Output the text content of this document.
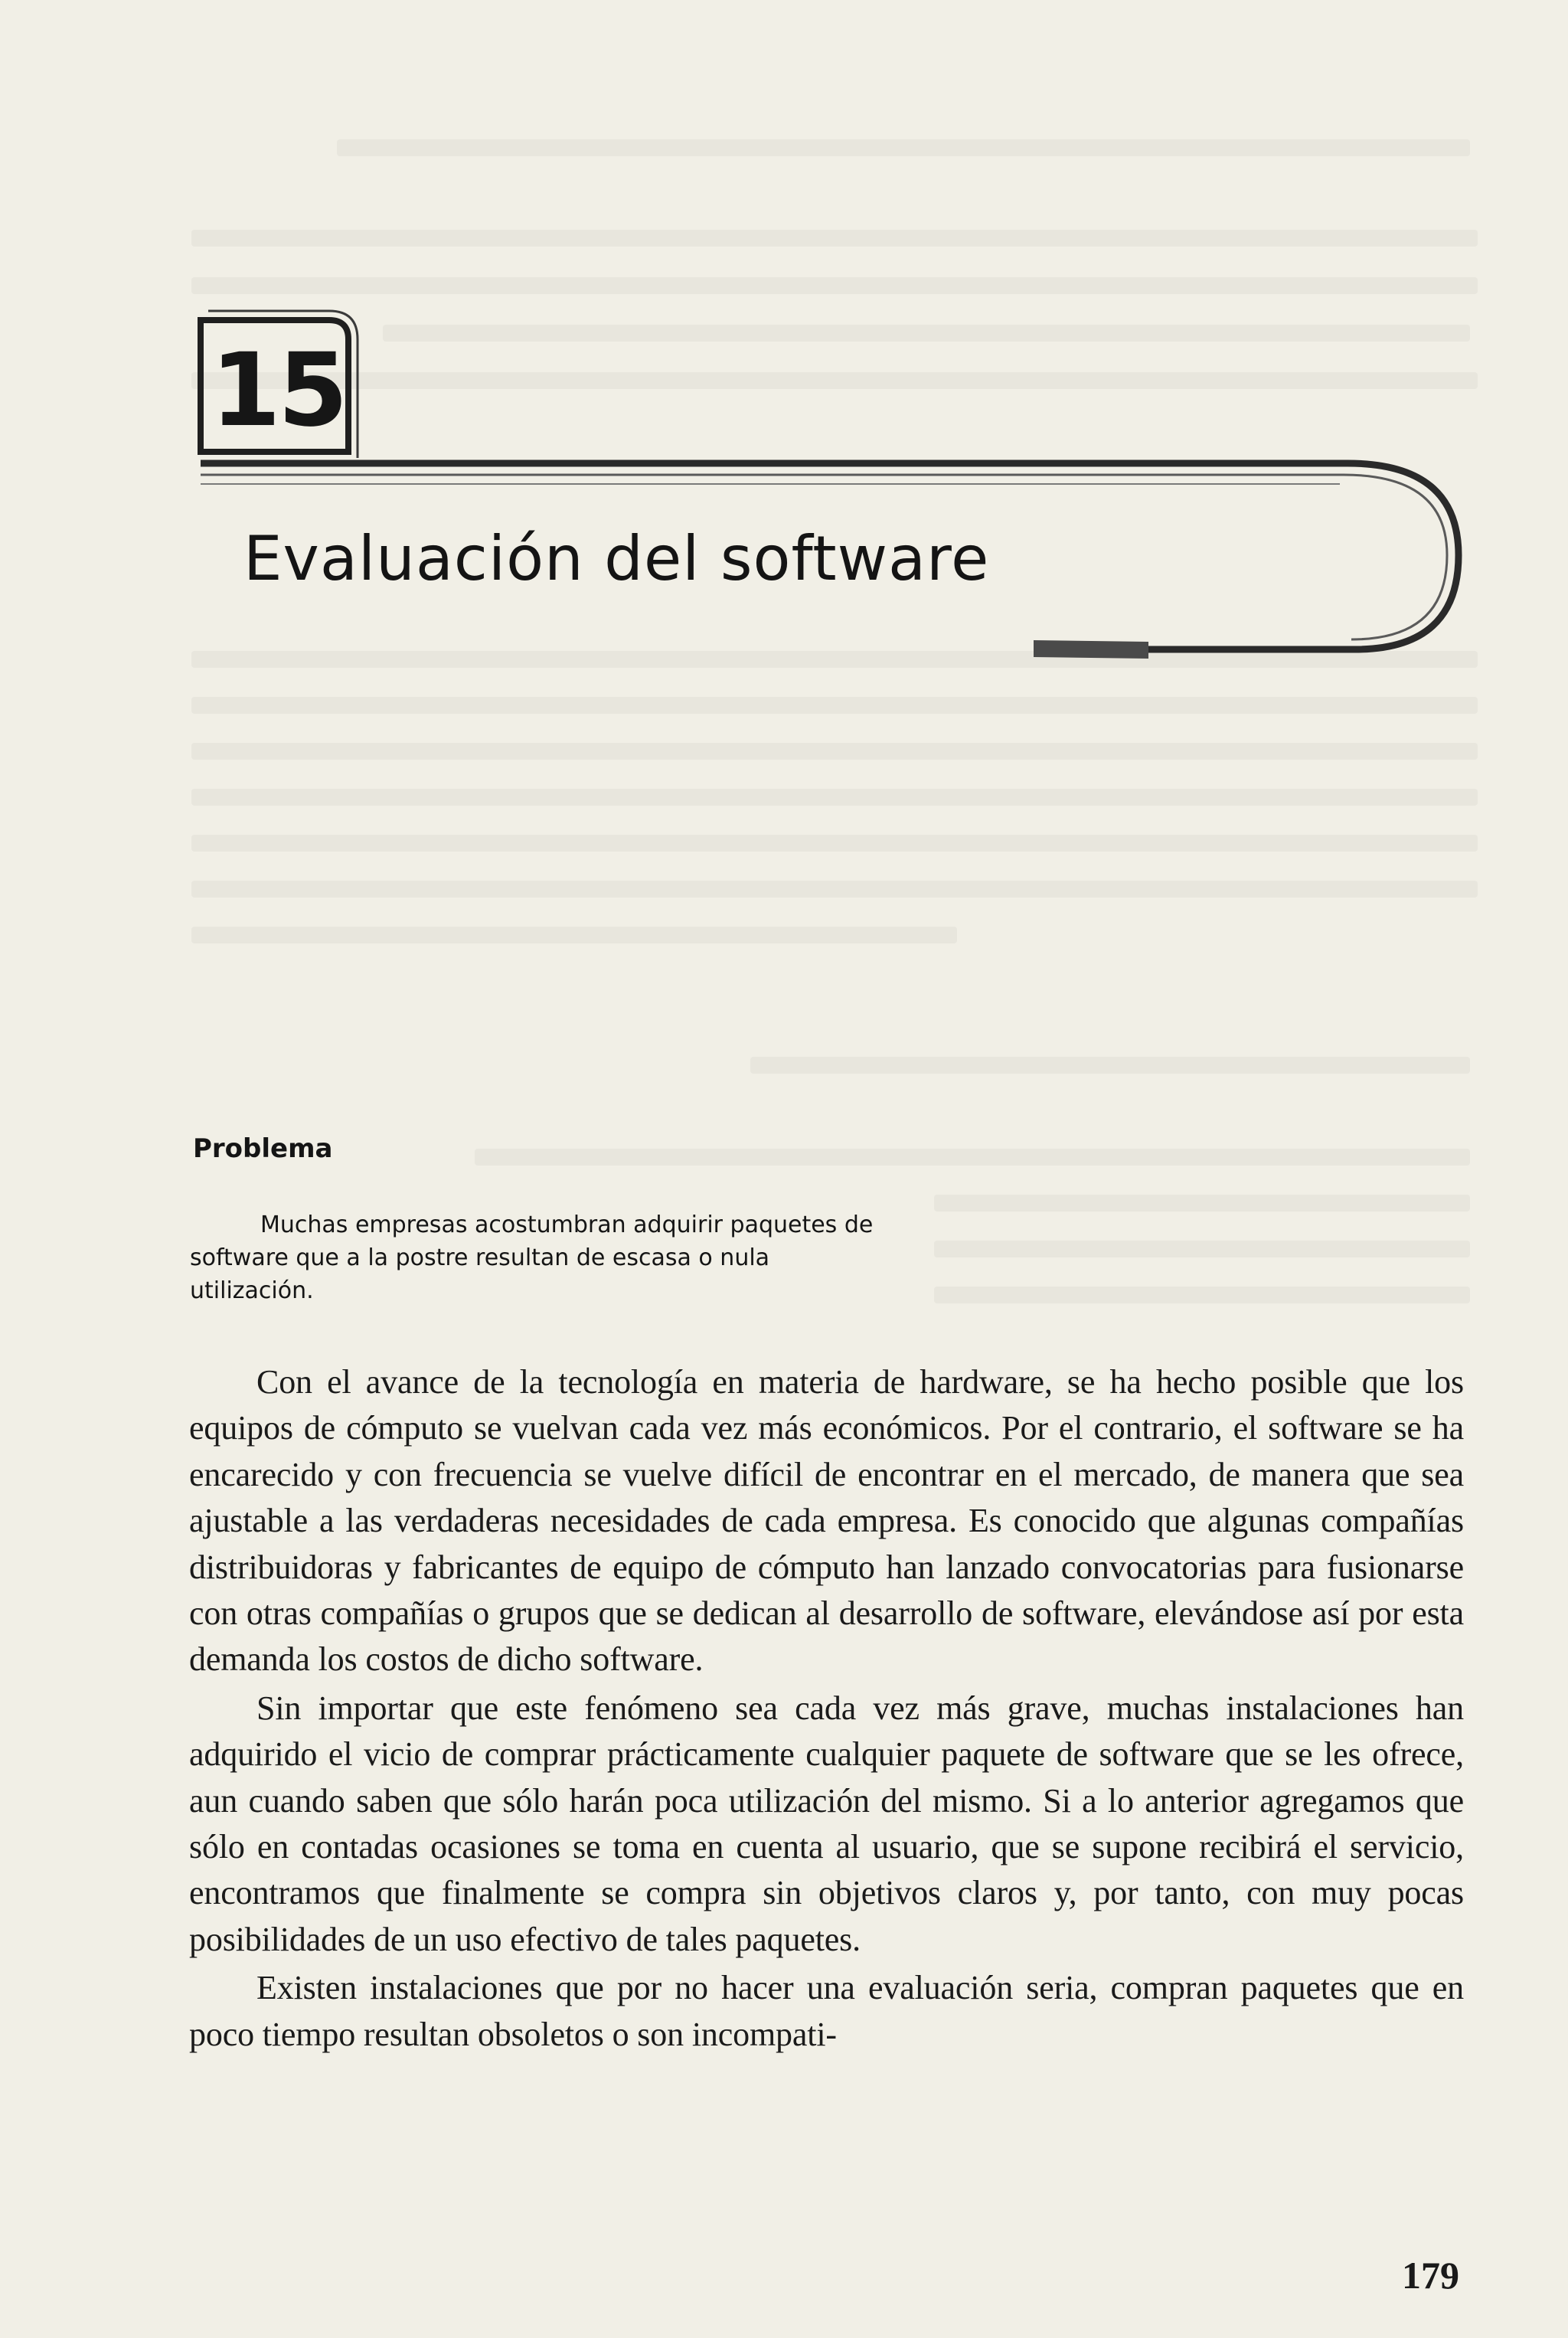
15
Evaluación del software
Problema

Muchas empresas acostumbran adquirir paquetes de software que a la postre resultan de escasa o nula utilización.

Con el avance de la tecnología en materia de hardware, se ha hecho posible que los equipos de cómputo se vuelvan cada vez más económicos. Por el contrario, el software se ha encarecido y con frecuencia se vuelve difícil de encontrar en el mercado, de manera que sea ajustable a las verdaderas necesidades de cada empresa. Es conocido que algunas compañías distribuidoras y fabricantes de equipo de cómputo han lanzado convocatorias para fusionarse con otras compañías o grupos que se dedican al desarrollo de software, elevándose así por esta demanda los costos de dicho software.

Sin importar que este fenómeno sea cada vez más grave, muchas instalaciones han adquirido el vicio de comprar prácticamente cualquier paquete de software que se les ofrece, aun cuando saben que sólo harán poca utilización del mismo. Si a lo anterior agregamos que sólo en contadas ocasiones se toma en cuenta al usuario, que se supone recibirá el servicio, encontramos que finalmente se compra sin objetivos claros y, por tanto, con muy pocas posibilidades de un uso efectivo de tales paquetes.

Existen instalaciones que por no hacer una evaluación seria, compran paquetes que en poco tiempo resultan obsoletos o son incompati-

179
